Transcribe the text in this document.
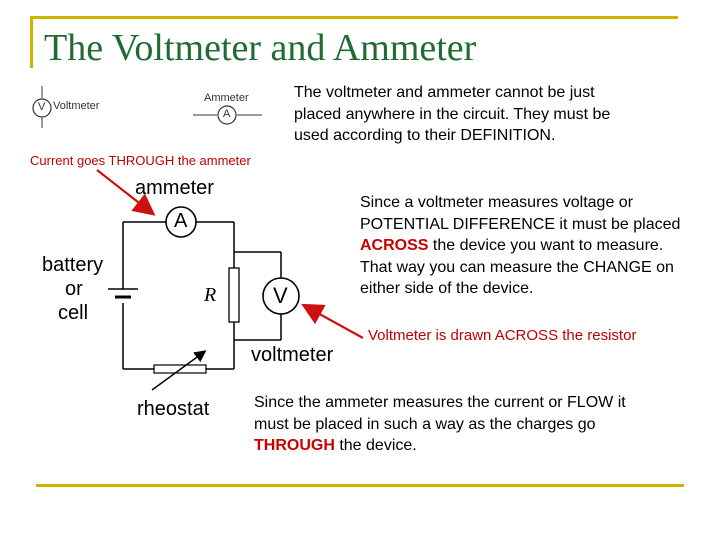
The Voltmeter and Ammeter
Voltmeter
V
Ammeter
A
Current goes THROUGH the ammeter
ammeter
A
V
battery
or
cell
R
voltmeter
rheostat
The voltmeter and ammeter cannot be just placed anywhere in the circuit. They must be used according to their DEFINITION.
Since a voltmeter measures voltage or POTENTIAL DIFFERENCE it must be placed ACROSS the device you want to measure. That way you can measure the CHANGE on either side of the device.
Voltmeter is drawn ACROSS the resistor
Since the ammeter measures the current or FLOW it must be placed in such a way as the charges go THROUGH the device.
